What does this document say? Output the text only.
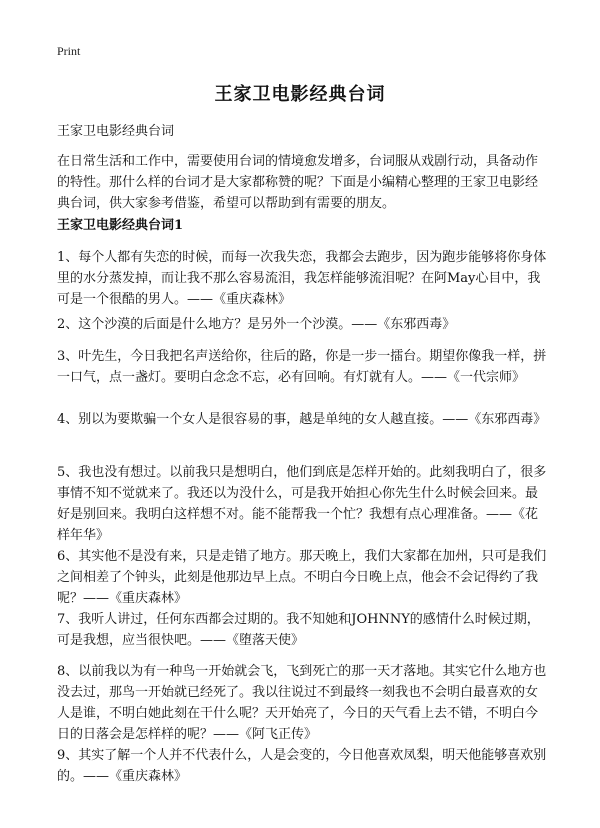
Print
王家卫电影经典台词
王家卫电影经典台词

在日常生活和工作中，需要使用台词的情境愈发增多，台词服从戏剧行动，具备动作的特性。那什么样的台词才是大家都称赞的呢？下面是小编精心整理的王家卫电影经典台词，供大家参考借鉴，希望可以帮助到有需要的朋友。

王家卫电影经典台词1

1、每个人都有失恋的时候，而每一次我失恋，我都会去跑步，因为跑步能够将你身体里的水分蒸发掉，而让我不那么容易流泪，我怎样能够流泪呢？在阿May心目中，我可是一个很酷的男人。——《重庆森林》

2、这个沙漠的后面是什么地方？是另外一个沙漠。——《东邪西毒》

3、叶先生，今日我把名声送给你，往后的路，你是一步一擂台。期望你像我一样，拼一口气，点一盏灯。要明白念念不忘，必有回响。有灯就有人。——《一代宗师》

4、别以为要欺骗一个女人是很容易的事，越是单纯的女人越直接。——《东邪西毒》

5、我也没有想过。以前我只是想明白，他们到底是怎样开始的。此刻我明白了，很多事情不知不觉就来了。我还以为没什么，可是我开始担心你先生什么时候会回来。最好是别回来。我明白这样想不对。能不能帮我一个忙？我想有点心理准备。——《花样年华》

6、其实他不是没有来，只是走错了地方。那天晚上，我们大家都在加州，只可是我们之间相差了个钟头，此刻是他那边早上点。不明白今日晚上点，他会不会记得约了我呢？——《重庆森林》

7、我听人讲过，任何东西都会过期的。我不知她和JOHNNY的感情什么时候过期，可是我想，应当很快吧。——《堕落天使》

8、以前我以为有一种鸟一开始就会飞，飞到死亡的那一天才落地。其实它什么地方也没去过，那鸟一开始就已经死了。我以往说过不到最终一刻我也不会明白最喜欢的女人是谁，不明白她此刻在干什么呢？天开始亮了，今日的天气看上去不错，不明白今日的日落会是怎样样的呢？——《阿飞正传》

9、其实了解一个人并不代表什么，人是会变的，今日他喜欢凤梨，明天他能够喜欢别的。——《重庆森林》
